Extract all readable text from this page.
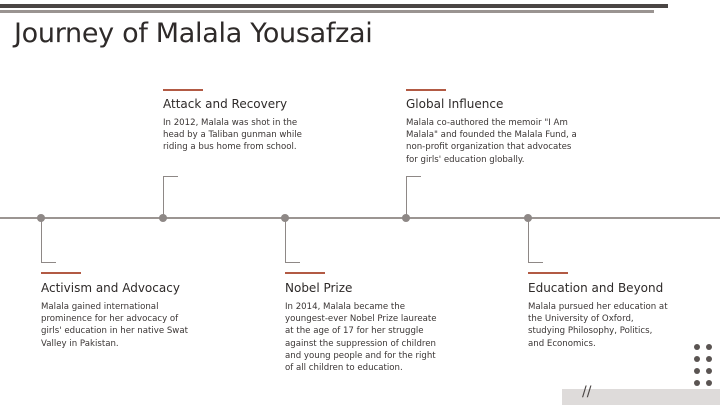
Journey of Malala Yousafzai
Activism and Advocacy
Malala gained international prominence for her advocacy of girls' education in her native Swat Valley in Pakistan.
Attack and Recovery
In 2012, Malala was shot in the head by a Taliban gunman while riding a bus home from school.
Nobel Prize
In 2014, Malala became the youngest-ever Nobel Prize laureate at the age of 17 for her struggle against the suppression of children and young people and for the right of all children to education.
Global Influence
Malala co-authored the memoir "I Am Malala" and founded the Malala Fund, a non-profit organization that advocates for girls' education globally.
Education and Beyond
Malala pursued her education at the University of Oxford, studying Philosophy, Politics, and Economics.
//
